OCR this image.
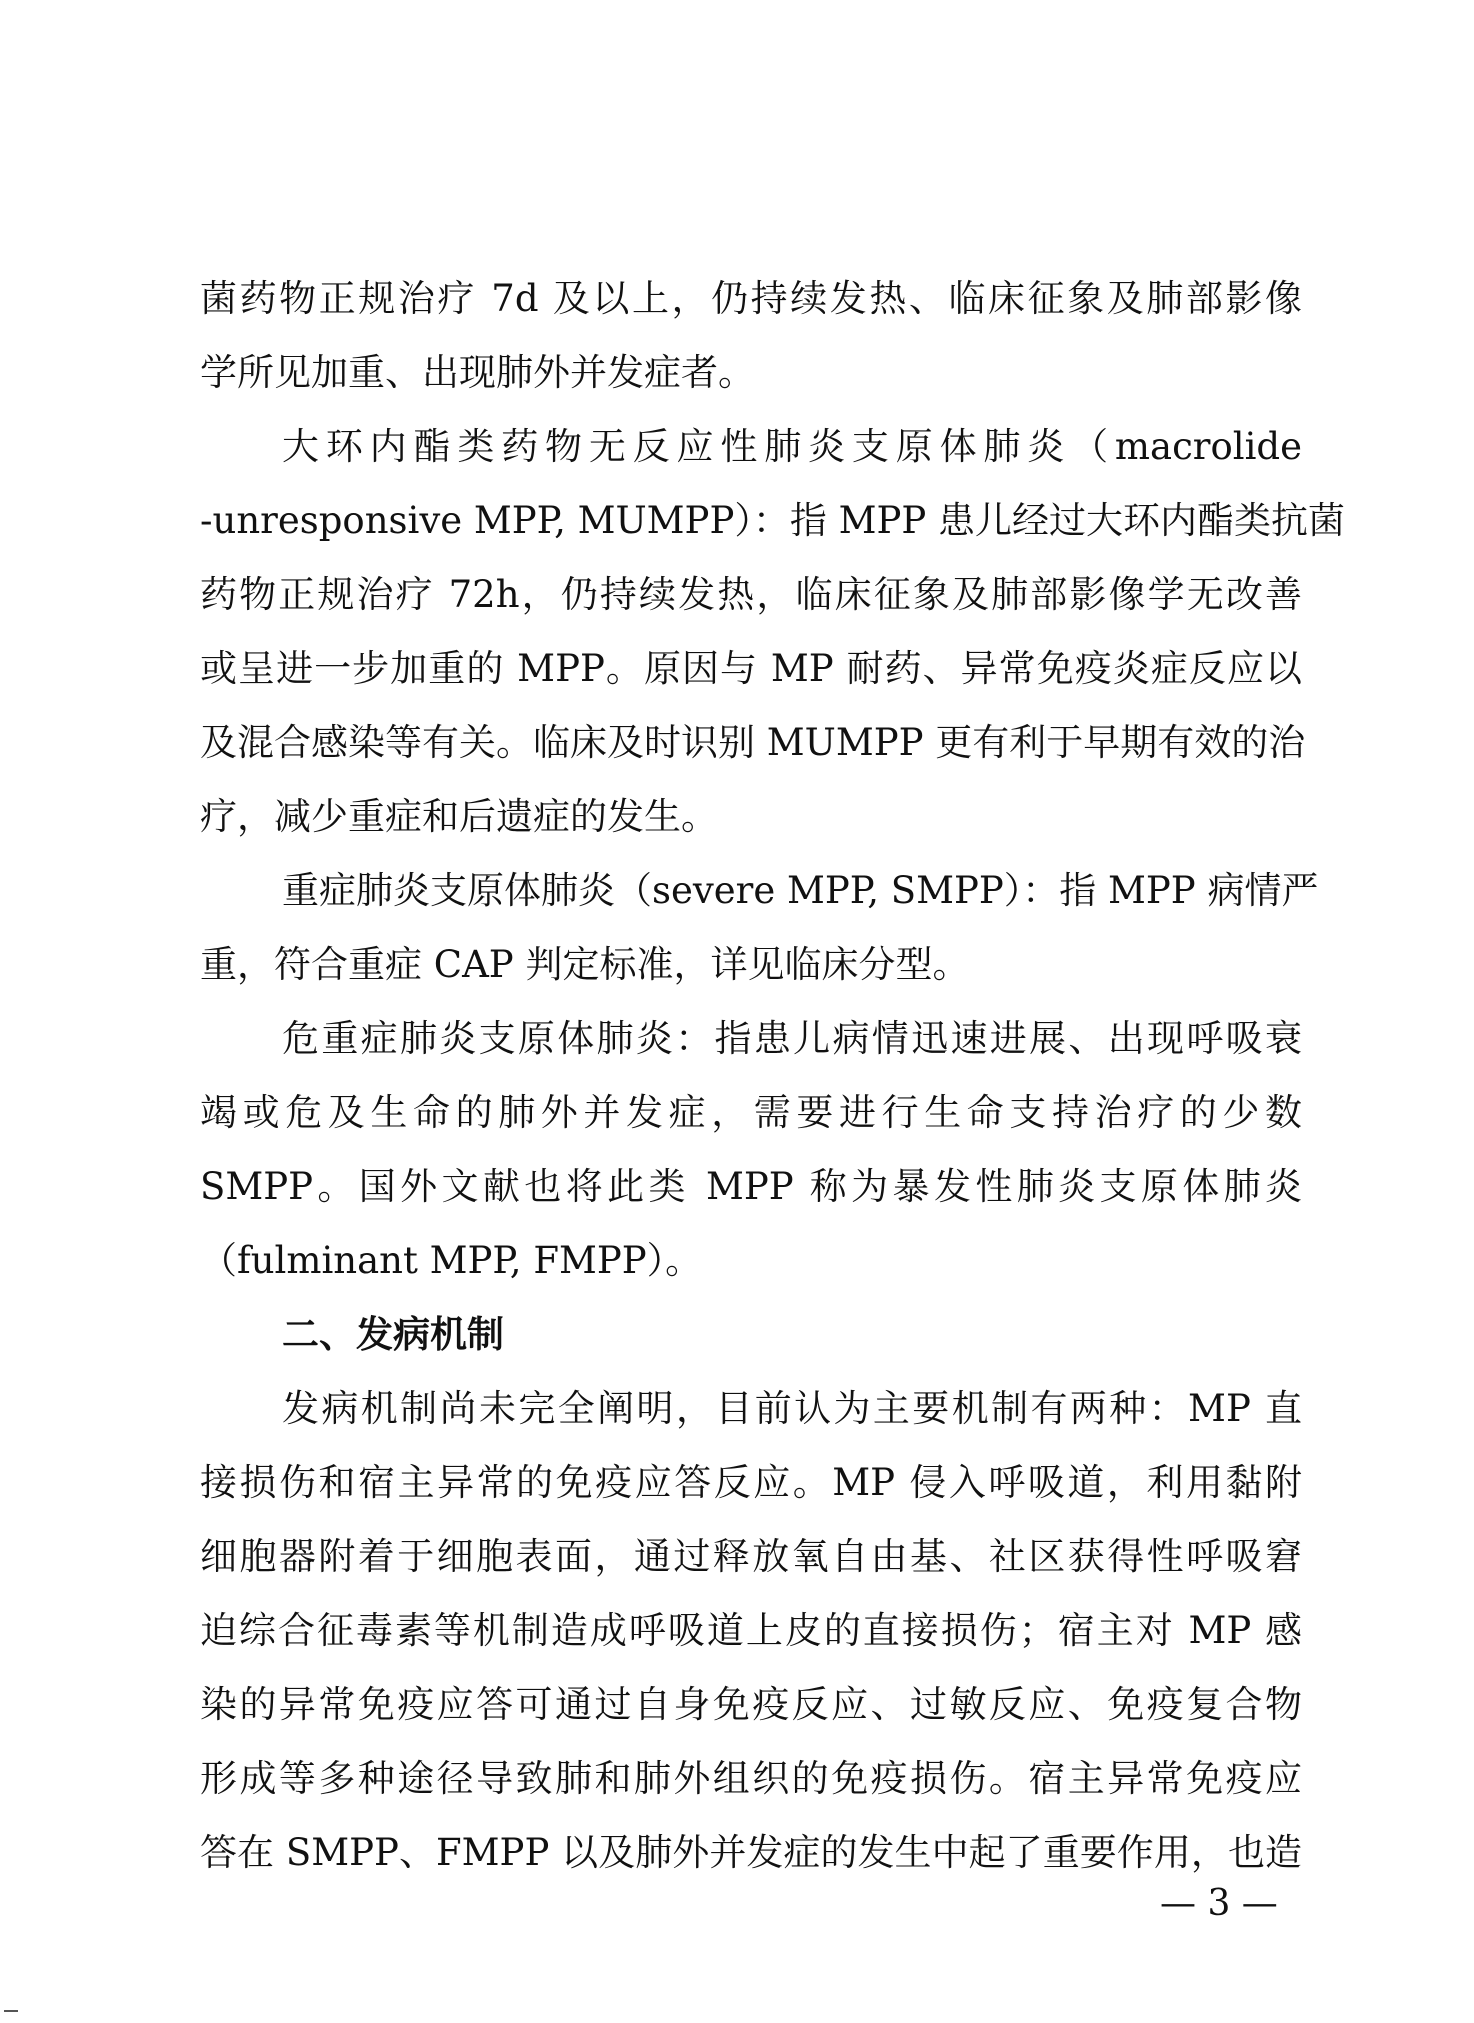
菌药物正规治疗 7d 及以上，仍持续发热、临床征象及肺部影像
学所见加重、出现肺外并发症者。
大环内酯类药物无反应性肺炎支原体肺炎（macrolide
-unresponsive MPP, MUMPP）：指 MPP 患儿经过大环内酯类抗菌
药物正规治疗 72h，仍持续发热，临床征象及肺部影像学无改善
或呈进一步加重的 MPP。原因与 MP 耐药、异常免疫炎症反应以
及混合感染等有关。临床及时识别 MUMPP 更有利于早期有效的治
疗，减少重症和后遗症的发生。
重症肺炎支原体肺炎（severe MPP, SMPP）：指 MPP 病情严
重，符合重症 CAP 判定标准，详见临床分型。
危重症肺炎支原体肺炎：指患儿病情迅速进展、出现呼吸衰
竭或危及生命的肺外并发症，需要进行生命支持治疗的少数
SMPP。国外文献也将此类 MPP 称为暴发性肺炎支原体肺炎
（fulminant MPP, FMPP）。
二、发病机制
发病机制尚未完全阐明，目前认为主要机制有两种：MP 直
接损伤和宿主异常的免疫应答反应。MP 侵入呼吸道，利用黏附
细胞器附着于细胞表面，通过释放氧自由基、社区获得性呼吸窘
迫综合征毒素等机制造成呼吸道上皮的直接损伤；宿主对 MP 感
染的异常免疫应答可通过自身免疫反应、过敏反应、免疫复合物
形成等多种途径导致肺和肺外组织的免疫损伤。宿主异常免疫应
答在 SMPP、FMPP 以及肺外并发症的发生中起了重要作用，也造
— 3 —
